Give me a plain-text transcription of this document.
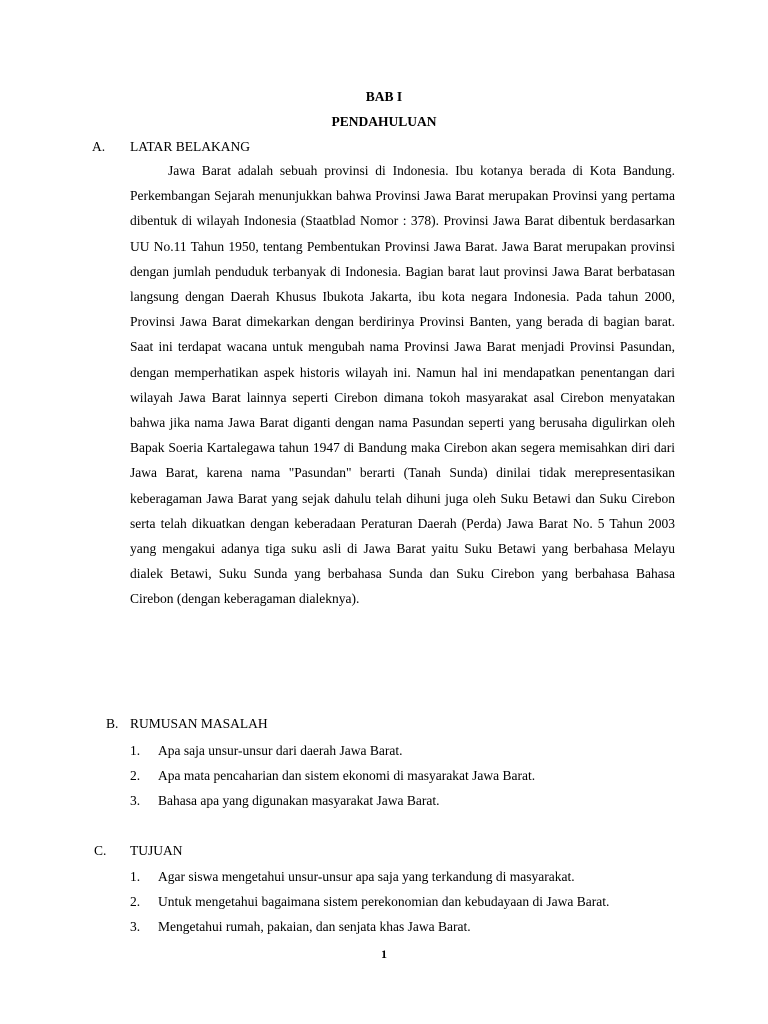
BAB I
PENDAHULUAN
A. LATAR BELAKANG

Jawa Barat adalah sebuah provinsi di Indonesia. Ibu kotanya berada di Kota Bandung. Perkembangan Sejarah menunjukkan bahwa Provinsi Jawa Barat merupakan Provinsi yang pertama dibentuk di wilayah Indonesia (Staatblad Nomor : 378). Provinsi Jawa Barat dibentuk berdasarkan UU No.11 Tahun 1950, tentang Pembentukan Provinsi Jawa Barat. Jawa Barat merupakan provinsi dengan jumlah penduduk terbanyak di Indonesia. Bagian barat laut provinsi Jawa Barat berbatasan langsung dengan Daerah Khusus Ibukota Jakarta, ibu kota negara Indonesia. Pada tahun 2000, Provinsi Jawa Barat dimekarkan dengan berdirinya Provinsi Banten, yang berada di bagian barat. Saat ini terdapat wacana untuk mengubah nama Provinsi Jawa Barat menjadi Provinsi Pasundan, dengan memperhatikan aspek historis wilayah ini. Namun hal ini mendapatkan penentangan dari wilayah Jawa Barat lainnya seperti Cirebon dimana tokoh masyarakat asal Cirebon menyatakan bahwa jika nama Jawa Barat diganti dengan nama Pasundan seperti yang berusaha digulirkan oleh Bapak Soeria Kartalegawa tahun 1947 di Bandung maka Cirebon akan segera memisahkan diri dari Jawa Barat, karena nama "Pasundan" berarti (Tanah Sunda) dinilai tidak merepresentasikan keberagaman Jawa Barat yang sejak dahulu telah dihuni juga oleh Suku Betawi dan Suku Cirebon serta telah dikuatkan dengan keberadaan Peraturan Daerah (Perda) Jawa Barat No. 5 Tahun 2003 yang mengakui adanya tiga suku asli di Jawa Barat yaitu Suku Betawi yang berbahasa Melayu dialek Betawi, Suku Sunda yang berbahasa Sunda dan Suku Cirebon yang berbahasa Bahasa Cirebon (dengan keberagaman dialeknya).

B. RUMUSAN MASALAH
1. Apa saja unsur-unsur dari daerah Jawa Barat.
2. Apa mata pencaharian dan sistem ekonomi di masyarakat Jawa Barat.
3. Bahasa apa yang digunakan masyarakat Jawa Barat.
C. TUJUAN
1. Agar siswa mengetahui unsur-unsur apa saja yang terkandung di masyarakat.
2. Untuk mengetahui bagaimana sistem perekonomian dan kebudayaan di Jawa Barat.
3. Mengetahui rumah, pakaian, dan senjata khas Jawa Barat.
1
